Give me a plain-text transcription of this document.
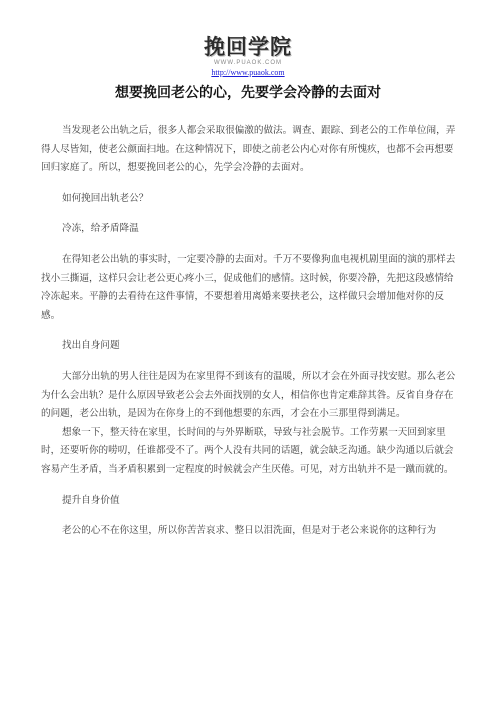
挽回学院
WWW.PUAOK.COM
http://www.puaok.com
想要挽回老公的心，先要学会冷静的去面对

当发现老公出轨之后，很多人都会采取很偏激的做法。调查、跟踪、到老公的工作单位闹，弄得人尽皆知，使老公颜面扫地。在这种情况下，即使之前老公内心对你有所愧疚，也都不会再想要回归家庭了。所以，想要挽回老公的心，先学会冷静的去面对。

如何挽回出轨老公？

冷冻，给矛盾降温

在得知老公出轨的事实时，一定要冷静的去面对。千万不要像狗血电视机剧里面的演的那样去找小三撕逼，这样只会让老公更心疼小三，促成他们的感情。这时候，你要冷静，先把这段感情给冷冻起来。平静的去看待在这件事情，不要想着用离婚来要挟老公，这样做只会增加他对你的反感。

找出自身问题

大部分出轨的男人往往是因为在家里得不到该有的温暖，所以才会在外面寻找安慰。那么老公为什么会出轨？是什么原因导致老公会去外面找别的女人，相信你也肯定难辞其咎。反省自身存在的问题，老公出轨，是因为在你身上的不到他想要的东西，才会在小三那里得到满足。

想象一下，整天待在家里，长时间的与外界断联，导致与社会脱节。工作劳累一天回到家里时，还要听你的唠叨，任谁都受不了。两个人没有共同的话题，就会缺乏沟通。缺少沟通以后就会容易产生矛盾，当矛盾积累到一定程度的时候就会产生厌倦。可见，对方出轨并不是一蹴而就的。

提升自身价值

老公的心不在你这里，所以你苦苦哀求、整日以泪洗面，但是对于老公来说你的这种行为
